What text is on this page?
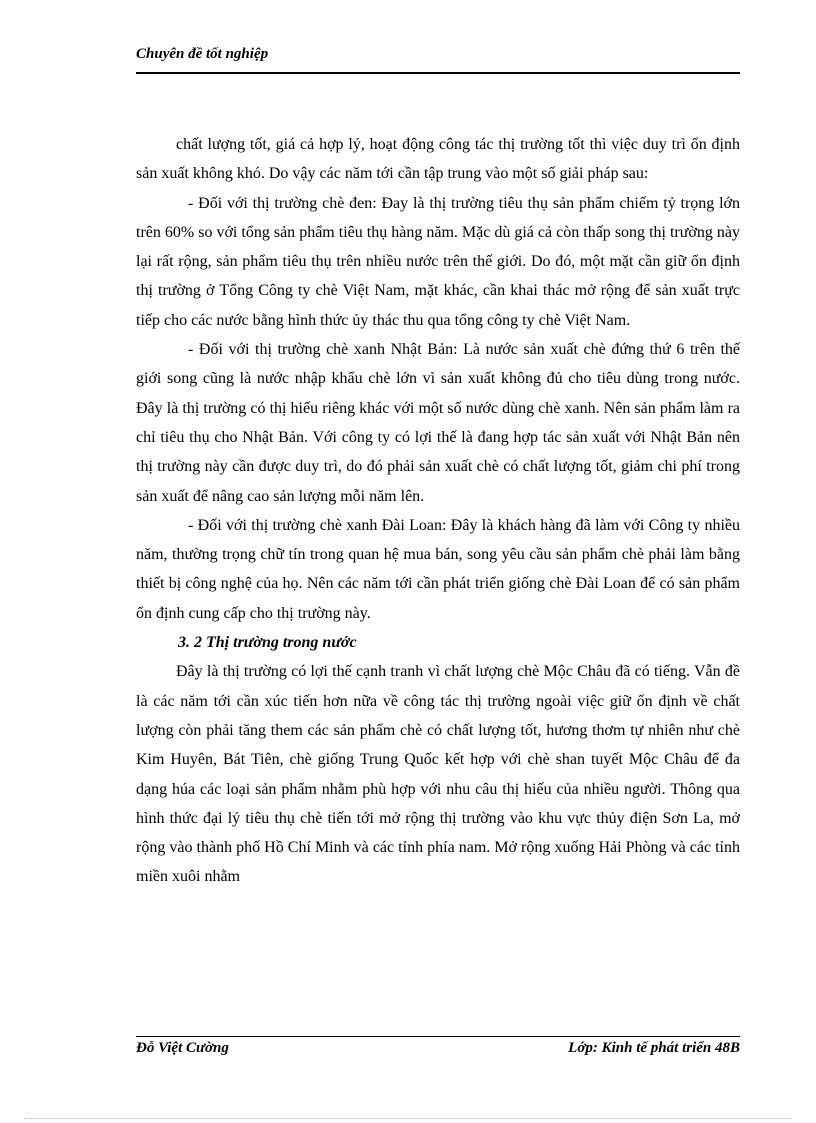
Chuyên đề tốt nghiệp

chất lượng tốt, giá cả hợp lý, hoạt động công tác thị trường tốt thì việc duy trì ổn định sản xuất không khó. Do vậy các năm tới cần tập trung vào một số giải pháp sau:

- Đối với thị trường chè đen: Đay là thị trường tiêu thụ sản phẩm chiếm tỷ trọng lớn trên 60% so với tổng sản phẩm tiêu thụ hàng năm. Mặc dù giá cả còn thấp song thị trường này lại rất rộng, sản phẩm tiêu thụ trên nhiều nước trên thế giới. Do đó, một mặt cần giữ ổn định thị trường ở Tổng Công ty chè Việt Nam, mặt khác, cần khai thác mở rộng để sản xuất trực tiếp cho các nước bằng hình thức ủy thác thu qua tổng công ty chè Việt Nam.

- Đối với thị trường chè xanh Nhật Bản: Là nước sản xuất chè đứng thứ 6 trên thế giới song cũng là nước nhập khẩu chè lớn vì sản xuất không đủ cho tiêu dùng trong nước. Đây là thị trường có thị hiếu riêng khác với một số nước dùng chè xanh. Nên sản phẩm làm ra chỉ tiêu thụ cho Nhật Bản. Với công ty có lợi thế là đang hợp tác sản xuất với Nhật Bản nên thị trường này cần được duy trì, do đó phải sản xuất chè có chất lượng tốt, giảm chi phí trong sản xuất để nâng cao sản lượng mỗi năm lên.

- Đối với thị trường chè xanh Đài Loan: Đây là khách hàng đã làm với Công ty nhiều năm, thường trọng chữ tín trong quan hệ mua bán, song yêu cầu sản phẩm chè phải làm bằng thiết bị công nghệ của họ. Nên các năm tới cần phát triển giống chè Đài Loan để có sản phẩm ổn định cung cấp cho thị trường này.

3. 2 Thị trường trong nước

Đây là thị trường có lợi thế cạnh tranh vì chất lượng chè Mộc Châu đã có tiếng. Vẫn đề là các năm tới cần xúc tiến hơn nữa về công tác thị trường ngoài việc giữ ổn định về chất lượng còn phải tăng them các sản phẩm chè có chất lượng tốt, hương thơm tự nhiên như chè Kim Huyên, Bát Tiên, chè giống Trung Quốc kết hợp với chè shan tuyết Mộc Châu để đa dạng húa các loại sản phẩm nhằm phù hợp với nhu câu thị hiếu của nhiều người. Thông qua hình thức đại lý tiêu thụ chè tiến tới mở rộng thị trường vào khu vực thủy điện Sơn La, mở rộng vào thành phố Hồ Chí Minh và các tỉnh phía nam. Mở rộng xuống Hải Phòng và các tỉnh miền xuôi nhằm

Đỗ Việt Cường	Lớp: Kinh tế phát triển 48B
